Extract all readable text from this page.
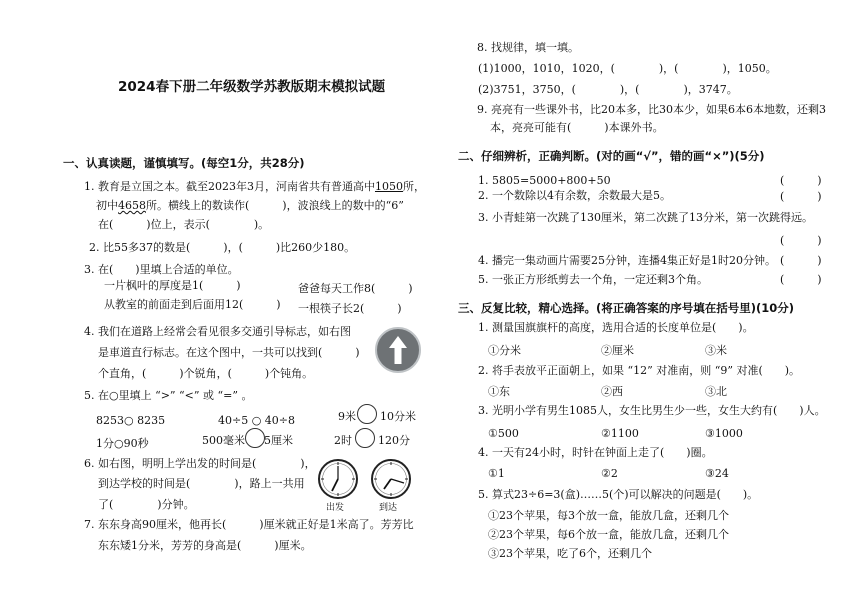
2024春下册二年级数学苏教版期末模拟试题
一、认真读题，谨慎填写。(每空1分，共28分)
1. 教育是立国之本。截至2023年3月，河南省共有普通高中1050所，
初中4658所。横线上的数读作(　　　)，波浪线上的数中的“6”
在(　　　)位上，表示(　　　　)。
2. 比55多37的数是(　　　)，(　　　)比260少180。
3. 在(　　)里填上合适的单位。
一片枫叶的厚度是1(　　　)	爸爸每天工作8(　　　)
从教室的前面走到后面用12(　　　) 一根筷子长2(　　　)
4. 我们在道路上经常会看见很多交通引导标志，如右图
是車道直行标志。在这个图中，一共可以找到(　　　)
个直角，(　　　)个锐角，(　　　)个钝角。
5. 在○里填上 “>” “<” 或 “=” 。
8253○ 8235	40÷5 ○ 40÷8	9米 10分米
1分○90秒	500毫米 5厘米	2时 120分
6. 如右图，明明上学出发的时间是(　　　　)，
到达学校的时间是(　　　　)，路上一共用
了(　　　　)分钟。	出发	到达
7. 东东身高90厘米，他再长(　　　)厘米就正好是1米高了。芳芳比
东东矮1分米，芳芳的身高是(　　　)厘米。
8. 找规律，填一填。
(1)1000，1010，1020，(　　　　)，(　　　　)，1050。
(2)3751，3750，(　　　　)，(　　　　)，3747。
9. 亮亮有一些课外书，比20本多，比30本少，如果6本6本地数，还剩3
本，亮亮可能有(　　　)本课外书。
二、仔细辨析，正确判断。(对的画“√”，错的画“×”)(5分)
1. 5805=5000+800+50	(　　　)
2. 一个数除以4有余数，余数最大是5。	(　　　)
3. 小青蛙第一次跳了130厘米，第二次跳了13分米，第一次跳得远。
(　　　)
4. 播完一集动画片需要25分钟，连播4集正好是1时20分钟。 (　　　)
5. 一张正方形纸剪去一个角，一定还剩3个角。	(　　　)
三、反复比较，精心选择。(将正确答案的序号填在括号里)(10分)
1. 测量国旗旗杆的高度，选用合适的长度单位是(　　)。
①分米	②厘米	③米
2. 将手表放平正面朝上，如果 “12” 对准南，则 “9” 对准(　　)。
①东	②西	③北
3. 光明小学有男生1085人，女生比男生少一些，女生大约有(　　)人。
①500	②1100	③1000
4. 一天有24小时，时针在钟面上走了(　　)圈。
①1	②2	③24
5. 算式23÷6=3(盒)……5(个)可以解决的问题是(　　)。
①23个苹果，每3个放一盒，能放几盒，还剩几个
②23个苹果，每6个放一盒，能放几盒，还剩几个
③23个苹果，吃了6个，还剩几个
